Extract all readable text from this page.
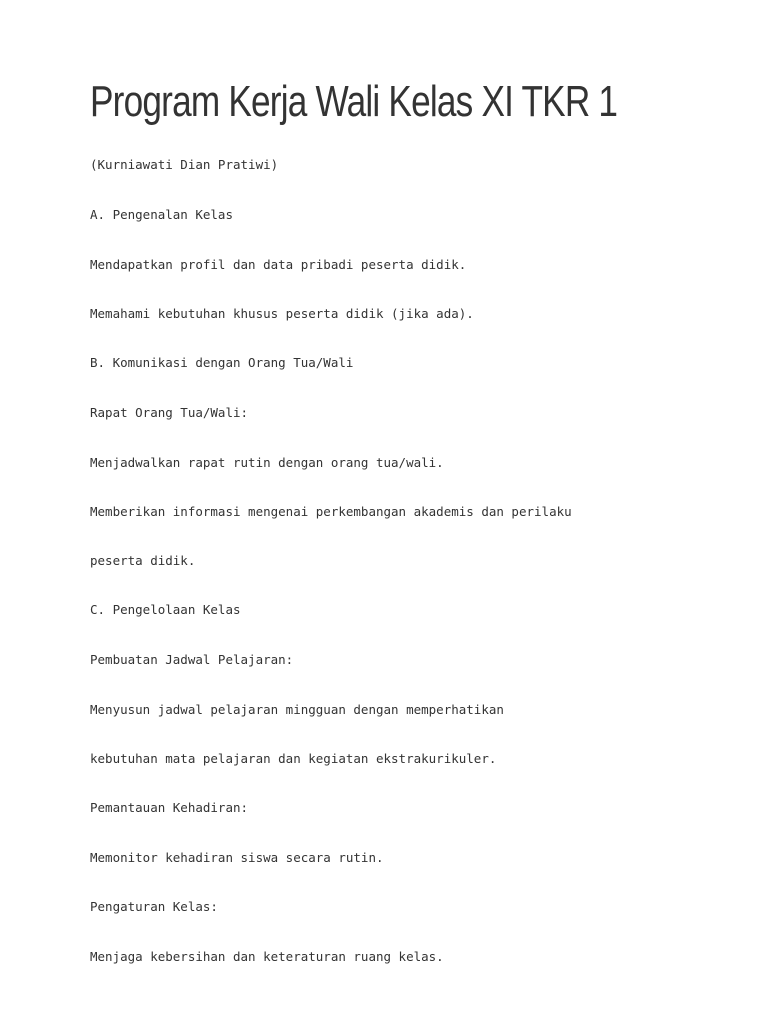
Program Kerja Wali Kelas XI TKR 1

(Kurniawati Dian Pratiwi)

A. Pengenalan Kelas

Mendapatkan profil dan data pribadi peserta didik.

Memahami kebutuhan khusus peserta didik (jika ada).

B. Komunikasi dengan Orang Tua/Wali

Rapat Orang Tua/Wali:

Menjadwalkan rapat rutin dengan orang tua/wali.

Memberikan informasi mengenai perkembangan akademis dan perilaku

peserta didik.

C. Pengelolaan Kelas

Pembuatan Jadwal Pelajaran:

Menyusun jadwal pelajaran mingguan dengan memperhatikan

kebutuhan mata pelajaran dan kegiatan ekstrakurikuler.

Pemantauan Kehadiran:

Memonitor kehadiran siswa secara rutin.

Pengaturan Kelas:

Menjaga kebersihan dan keteraturan ruang kelas.
